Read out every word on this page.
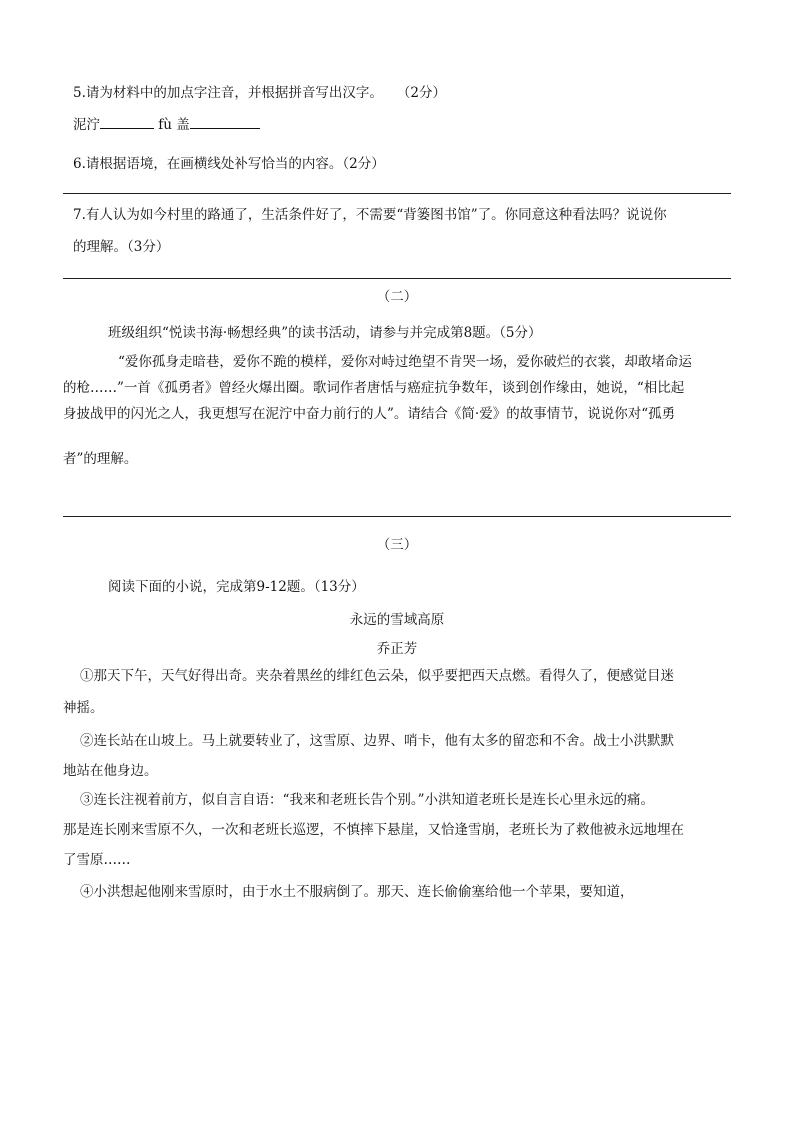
5.请为材料中的加点字注音，并根据拼音写出汉字。 （2分）
泥泞	fù 盖
6.请根据语境，在画横线处补写恰当的内容。（2分）
7.有人认为如今村里的路通了，生活条件好了，不需要“背篓图书馆”了。你同意这种看法吗？说说你
的理解。（3分）
（二）
班级组织“悦读书海·畅想经典”的读书活动，请参与并完成第8题。（5分）
“爱你孤身走暗巷，爱你不跪的模样，爱你对峙过绝望不肯哭一场，爱你破烂的衣裳，却敢堵命运
的枪……”一首《孤勇者》曾经火爆出圈。歌词作者唐恬与癌症抗争数年，谈到创作缘由，她说，“相比起
身披战甲的闪光之人，我更想写在泥泞中奋力前行的人”。请结合《简·爱》的故事情节，说说你对“孤勇
者”的理解。
（三）
阅读下面的小说，完成第9-12题。（13分）
永远的雪域高原
乔正芳
①那天下午，天气好得出奇。夹杂着黑丝的绯红色云朵，似乎要把西天点燃。看得久了，便感觉目迷
神摇。
②连长站在山坡上。马上就要转业了，这雪原、边界、哨卡，他有太多的留恋和不舍。战士小洪默默
地站在他身边。
③连长注视着前方，似自言自语：“我来和老班长告个别。”小洪知道老班长是连长心里永远的痛。
那是连长刚来雪原不久，一次和老班长巡逻，不慎摔下悬崖，又恰逢雪崩，老班长为了救他被永远地埋在
了雪原……
④小洪想起他刚来雪原时，由于水土不服病倒了。那天、连长偷偷塞给他一个苹果，要知道，
